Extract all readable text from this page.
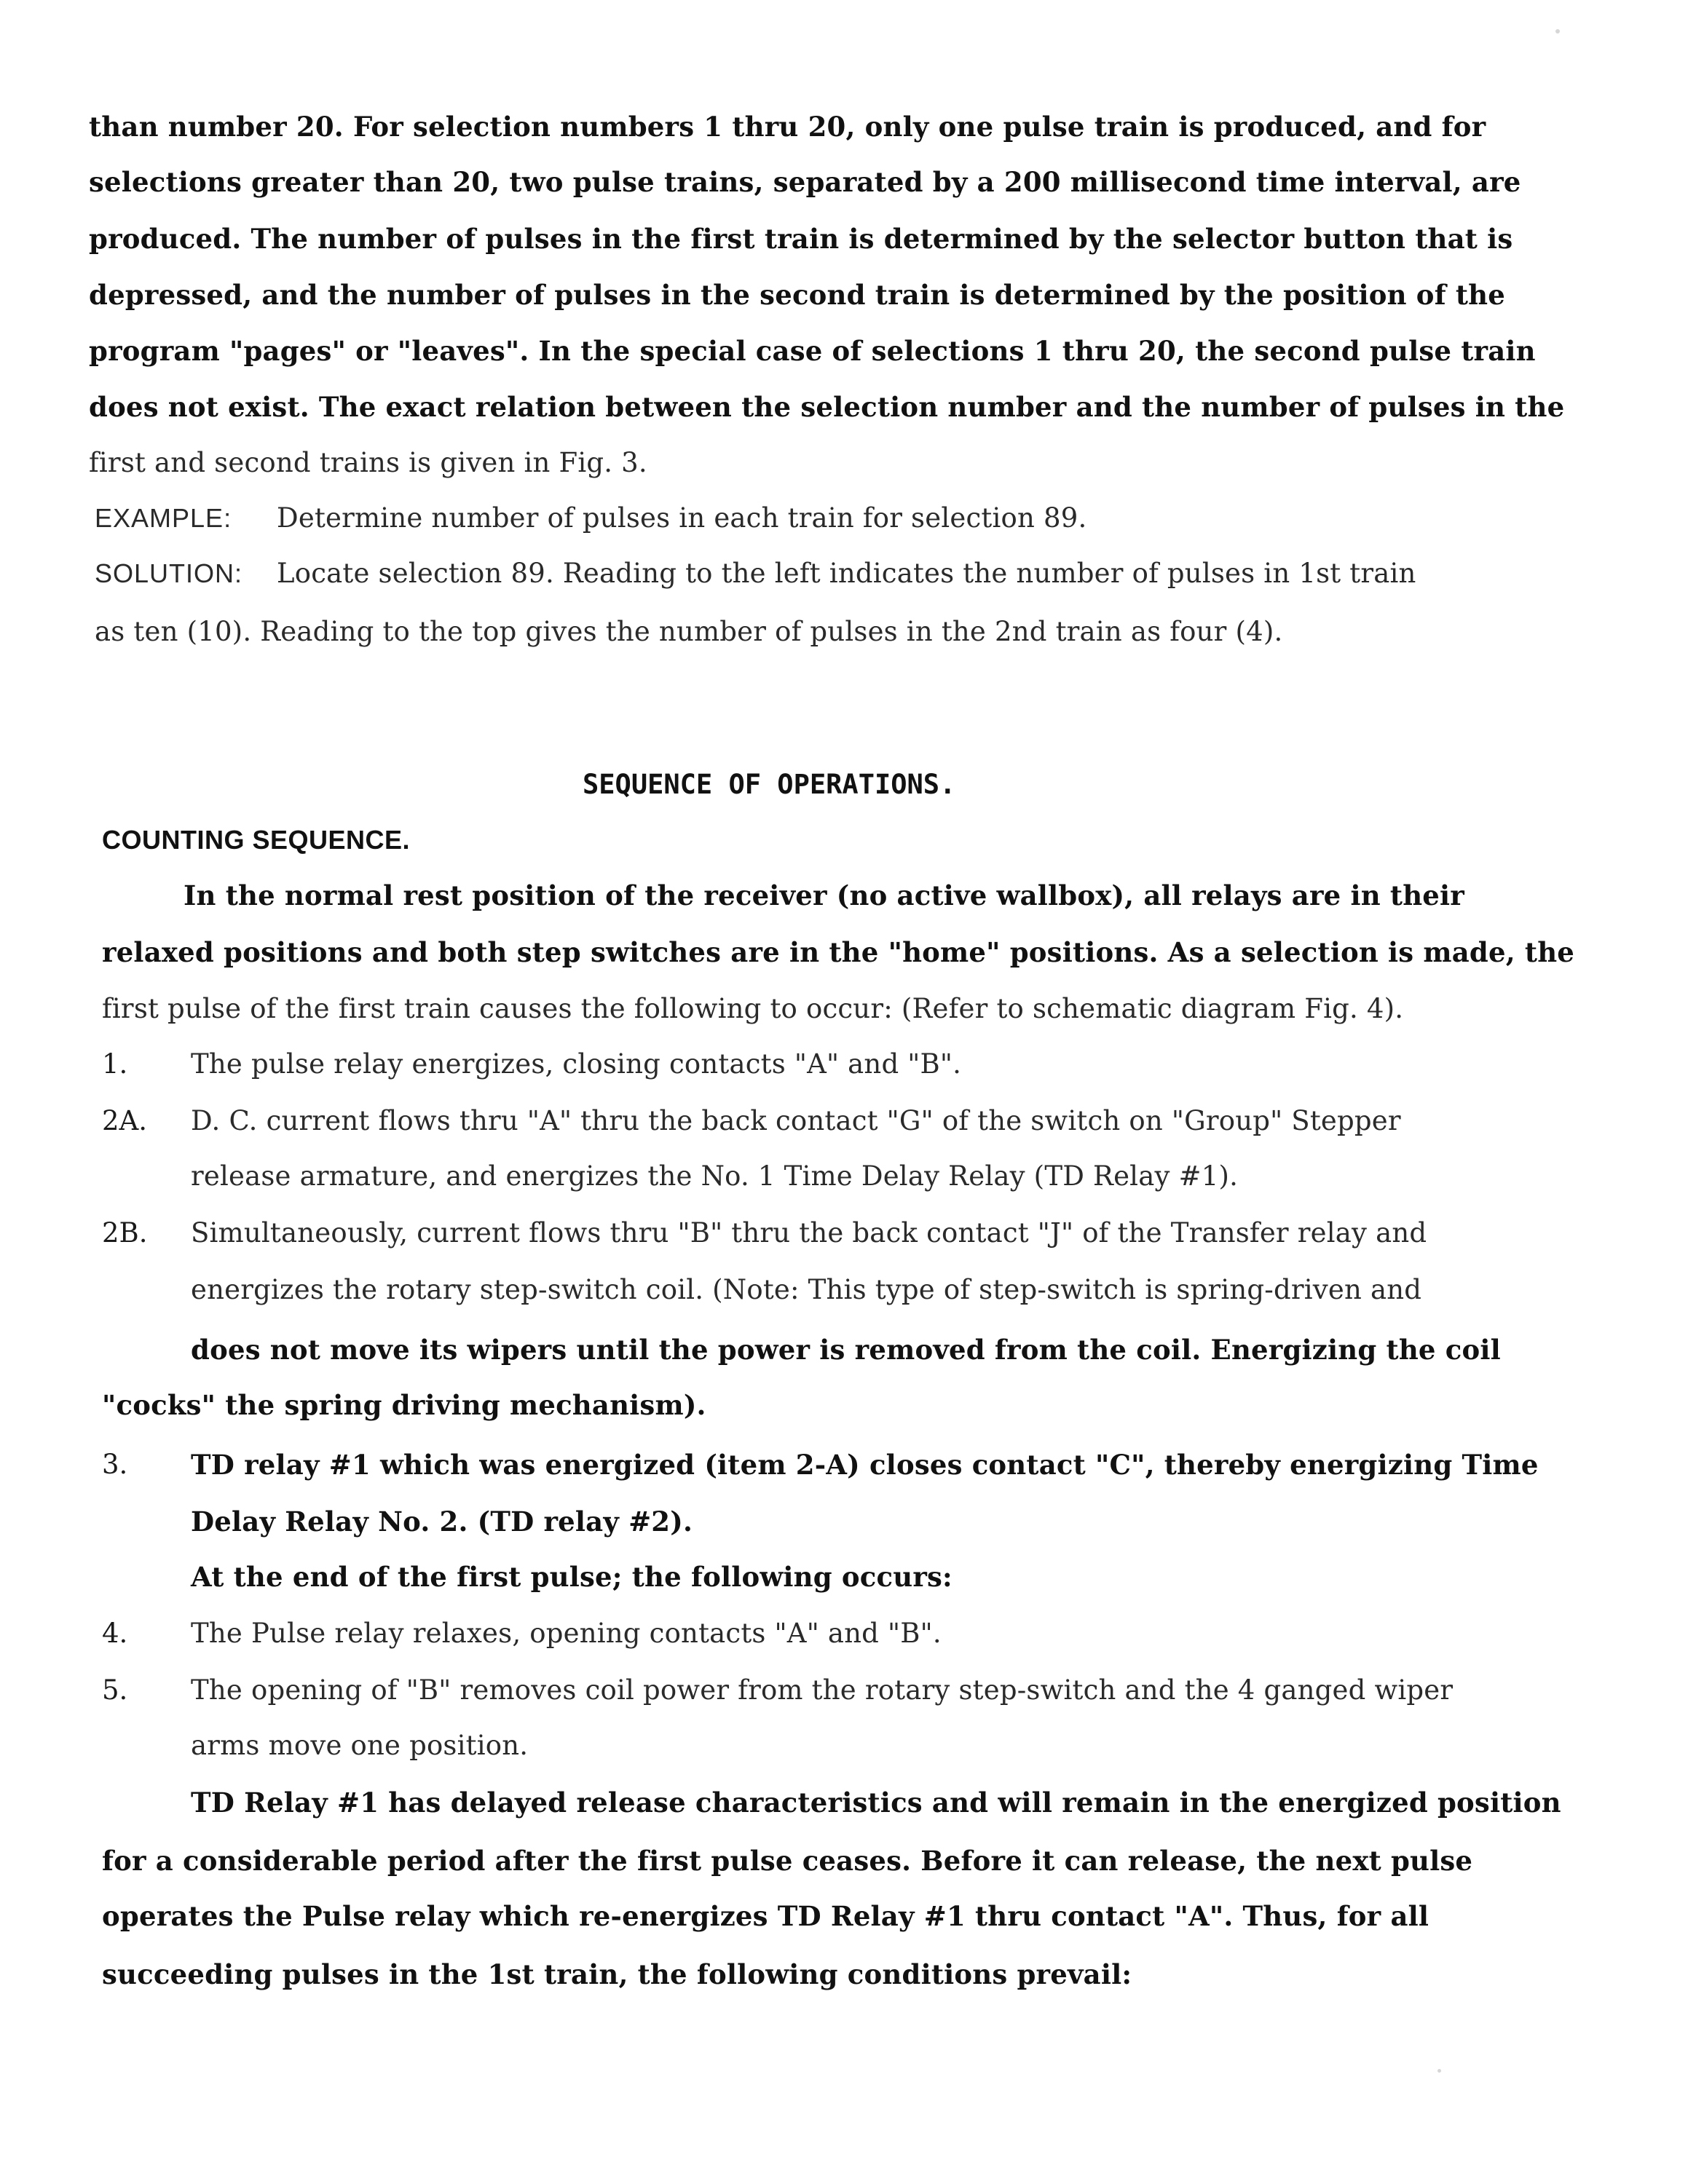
than number 20. For selection numbers 1 thru 20, only one pulse train is produced, and for
selections greater than 20, two pulse trains, separated by a 200 millisecond time interval, are
produced. The number of pulses in the first train is determined by the selector button that is
depressed, and the number of pulses in the second train is determined by the position of the
program "pages" or "leaves". In the special case of selections 1 thru 20, the second pulse train
does not exist. The exact relation between the selection number and the number of pulses in the
first and second trains is given in Fig. 3.
EXAMPLE: Determine number of pulses in each train for selection 89.
SOLUTION: Locate selection 89. Reading to the left indicates the number of pulses in 1st train
as ten (10). Reading to the top gives the number of pulses in the 2nd train as four (4).
SEQUENCE OF OPERATIONS.
COUNTING SEQUENCE.
In the normal rest position of the receiver (no active wallbox), all relays are in their
relaxed positions and both step switches are in the "home" positions. As a selection is made, the
first pulse of the first train causes the following to occur: (Refer to schematic diagram Fig. 4).
1. The pulse relay energizes, closing contacts "A" and "B".
2A. D. C. current flows thru "A" thru the back contact "G" of the switch on "Group" Stepper
release armature, and energizes the No. 1 Time Delay Relay (TD Relay #1).
2B. Simultaneously, current flows thru "B" thru the back contact "J" of the Transfer relay and
energizes the rotary step-switch coil. (Note: This type of step-switch is spring-driven and
does not move its wipers until the power is removed from the coil. Energizing the coil
"cocks" the spring driving mechanism).
3. TD relay #1 which was energized (item 2-A) closes contact "C", thereby energizing Time
Delay Relay No. 2. (TD relay #2).
At the end of the first pulse; the following occurs:
4. The Pulse relay relaxes, opening contacts "A" and "B".
5. The opening of "B" removes coil power from the rotary step-switch and the 4 ganged wiper
arms move one position.
TD Relay #1 has delayed release characteristics and will remain in the energized position
for a considerable period after the first pulse ceases. Before it can release, the next pulse
operates the Pulse relay which re-energizes TD Relay #1 thru contact "A". Thus, for all
succeeding pulses in the 1st train, the following conditions prevail:
